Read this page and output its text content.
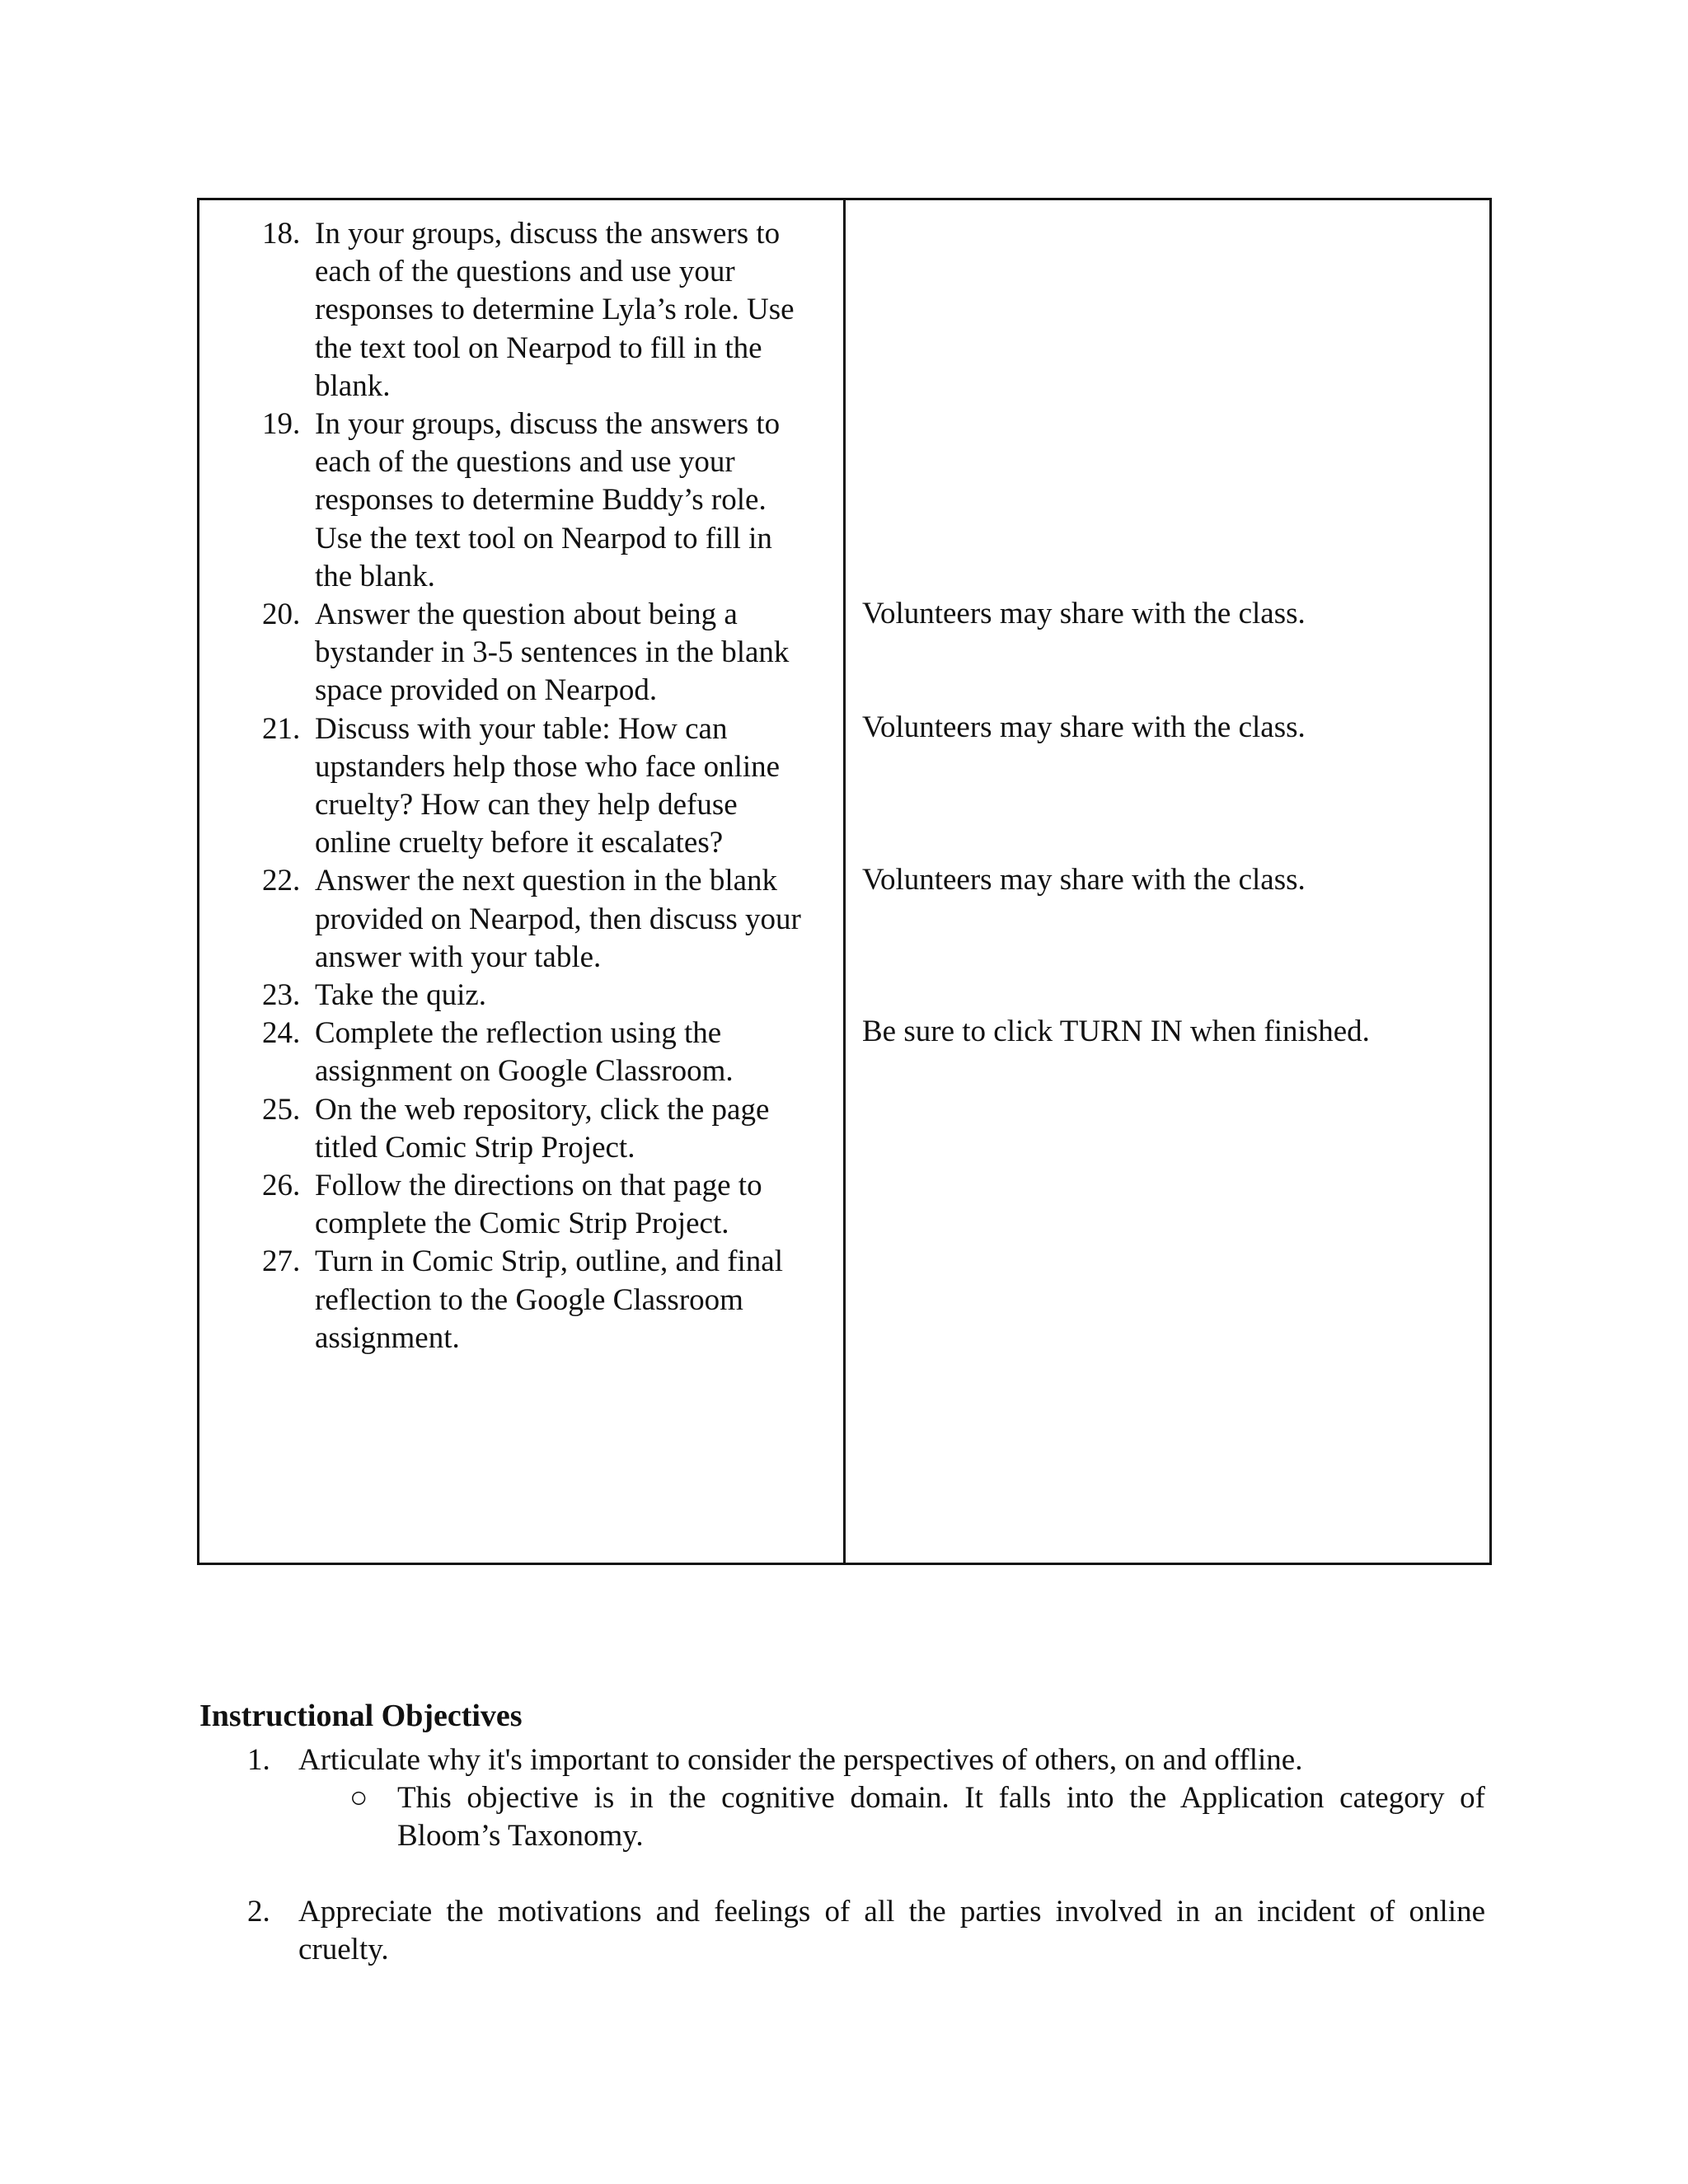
18. In your groups, discuss the answers to each of the questions and use your responses to determine Lyla’s role. Use the text tool on Nearpod to fill in the blank.
19. In your groups, discuss the answers to each of the questions and use your responses to determine Buddy’s role. Use the text tool on Nearpod to fill in the blank.
20. Answer the question about being a bystander in 3-5 sentences in the blank space provided on Nearpod.
21. Discuss with your table: How can upstanders help those who face online cruelty? How can they help defuse online cruelty before it escalates?
22. Answer the next question in the blank provided on Nearpod, then discuss your answer with your table.
23. Take the quiz.
24. Complete the reflection using the assignment on Google Classroom.
25. On the web repository, click the page titled Comic Strip Project.
26. Follow the directions on that page to complete the Comic Strip Project.
27. Turn in Comic Strip, outline, and final reflection to the Google Classroom assignment.
Volunteers may share with the class.
Volunteers may share with the class.
Volunteers may share with the class.
Be sure to click TURN IN when finished.
Instructional Objectives
1. Articulate why it's important to consider the perspectives of others, on and offline.
○ This objective is in the cognitive domain. It falls into the Application category of Bloom’s Taxonomy.
2. Appreciate the motivations and feelings of all the parties involved in an incident of online cruelty.
